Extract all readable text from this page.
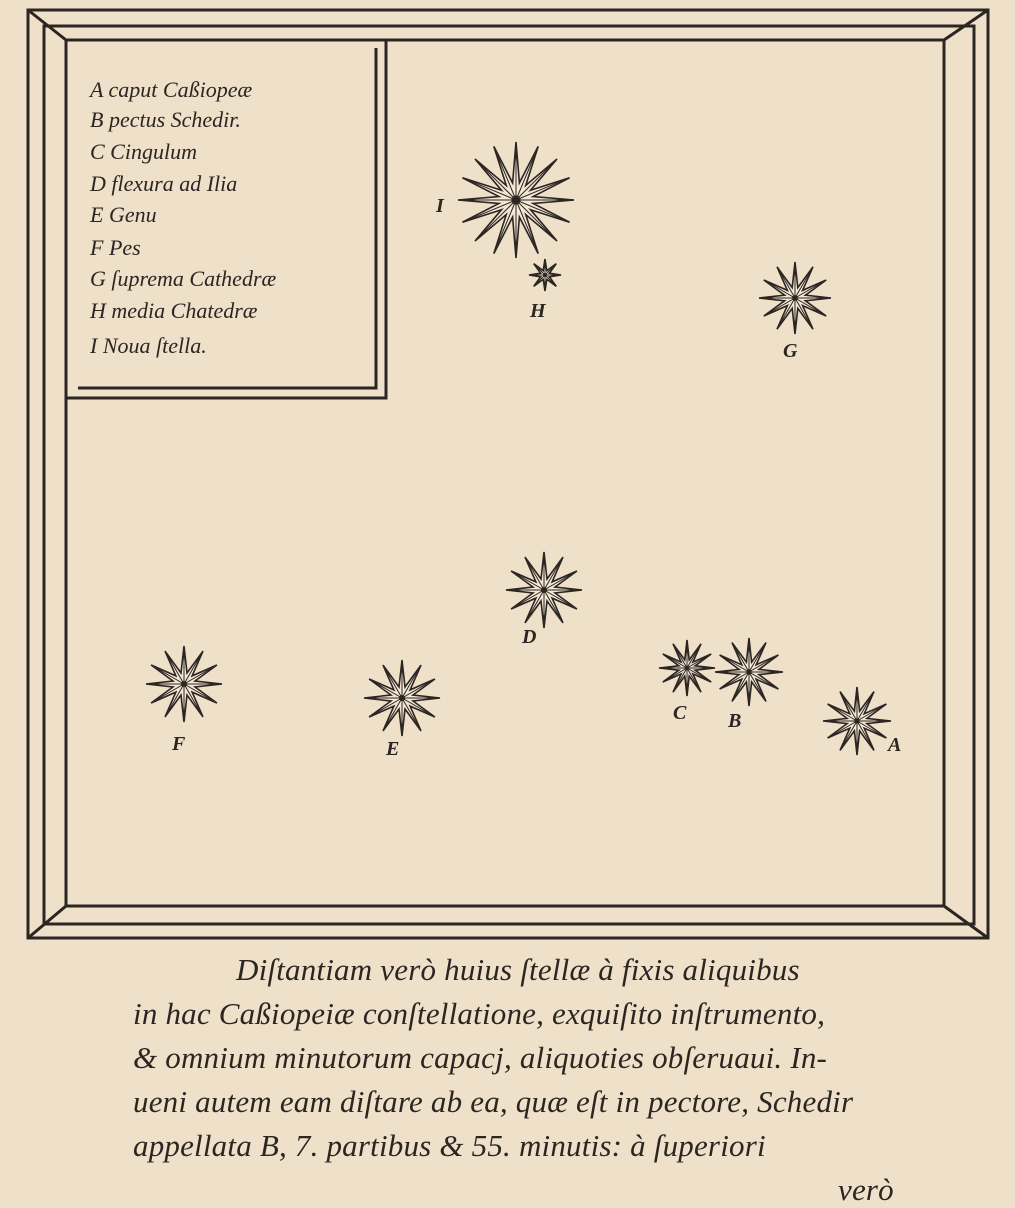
A caput Caßiopeæ
B pectus Schedir.
C Cingulum
D flexura ad Ilia
E Genu
F Pes
G ſuprema Cathedræ
H media Chatedræ
I Noua ſtella.
I
H
G
D
F	E
C B
A
Diſtantiam verò huius ſtellæ à fixis aliquibus
in hac Caßiopeiæ conſtellatione, exquiſito inſtrumento,
& omnium minutorum capacj, aliquoties obſeruaui. In-
ueni autem eam diſtare ab ea, quæ eſt in pectore, Schedir
appellata B, 7. partibus & 55. minutis: à ſuperiori
verò
